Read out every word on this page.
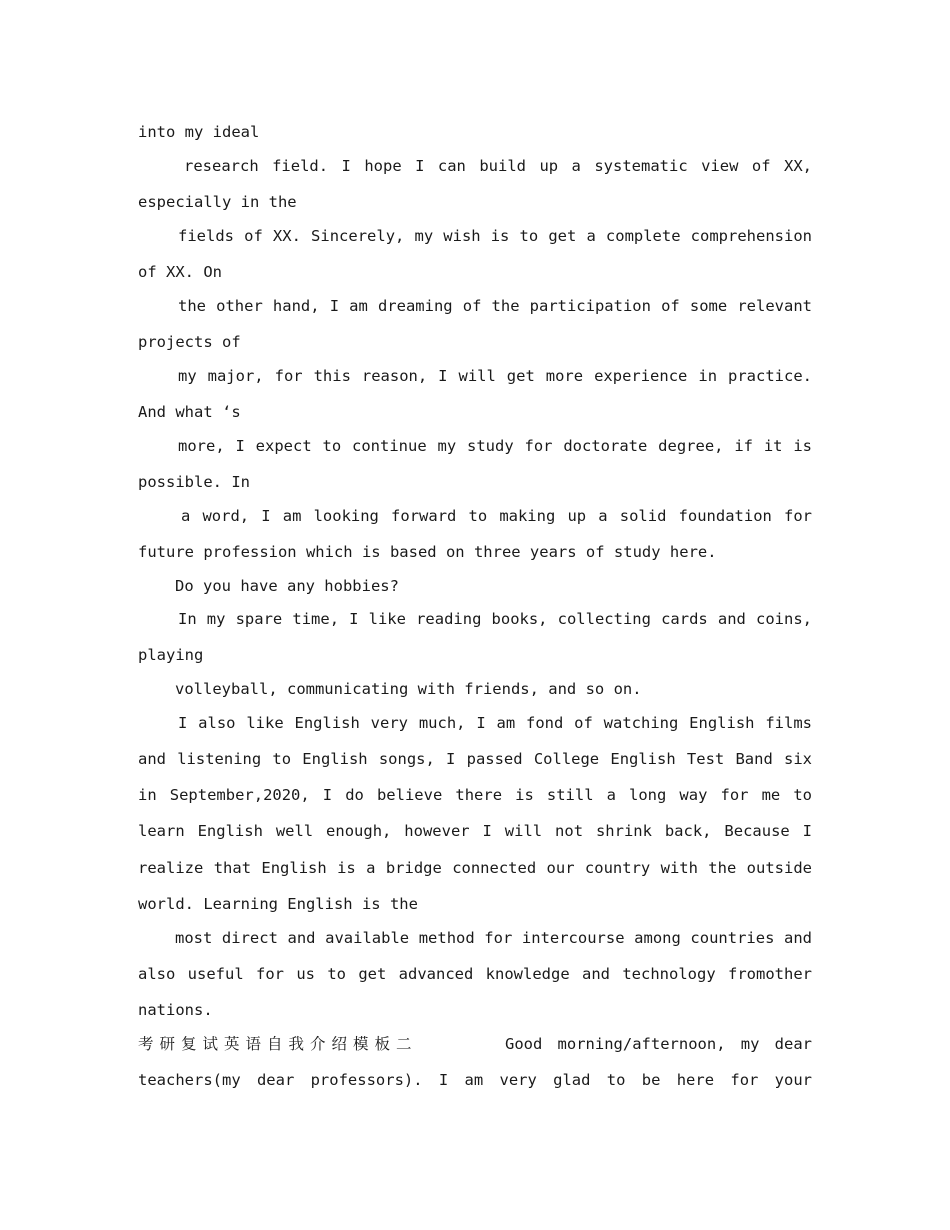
into my ideal
research field. I hope I can build up a systematic view of XX,
especially in the
fields of XX. Sincerely, my wish is to get a complete comprehension
of XX. On
the other hand, I am dreaming of the participation of some relevant
projects of
my major, for this reason, I will get more experience in practice.
And what ‘s
more, I expect to continue my study for doctorate degree, if it is
possible. In
a word, I am looking forward to making up a solid foundation for
future profession which is based on three years of study here.
Do you have any hobbies?
In my spare time, I like reading books, collecting cards and coins,
playing
volleyball, communicating with friends, and so on.
I also like English very much, I am fond of watching English films
and listening to English songs, I passed College English Test Band six
in September,2020, I do believe there is still a long way for me to
learn English well enough, however I will not shrink back, Because I
realize that English is a bridge connected our country with the outside
world. Learning English is the
most direct and available method for intercourse among countries and
also useful for us to get advanced knowledge and technology fromother
nations.
考研复试英语自我介绍模板二	Good morning/afternoon, my dear
teachers(my dear professors). I am very glad to be here for your
